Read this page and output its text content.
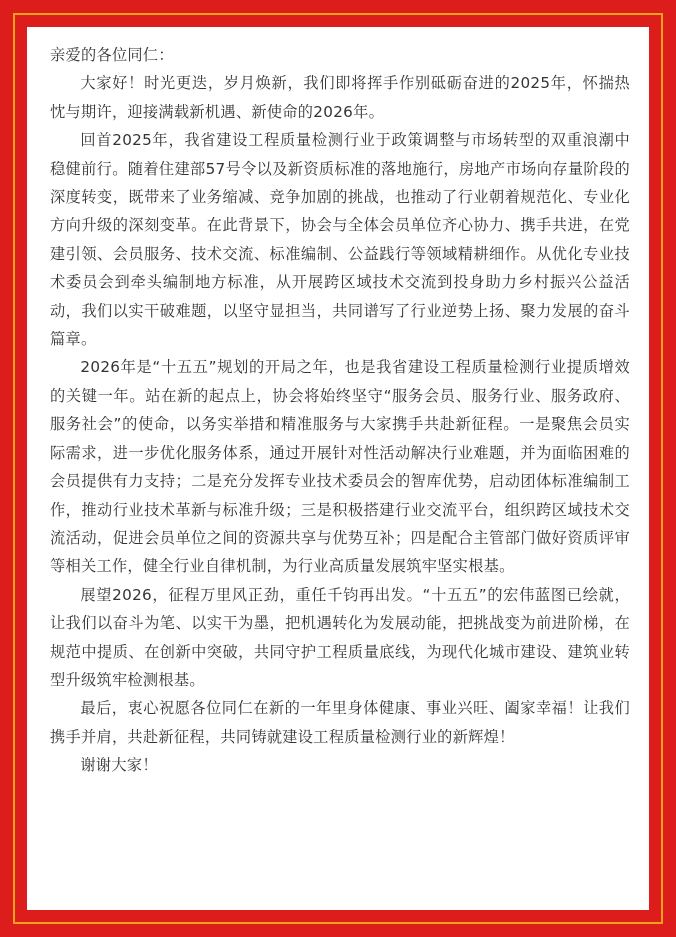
亲爱的各位同仁：

大家好！时光更迭，岁月焕新，我们即将挥手作别砥砺奋进的2025年，怀揣热忱与期许，迎接满载新机遇、新使命的2026年。

回首2025年，我省建设工程质量检测行业于政策调整与市场转型的双重浪潮中稳健前行。随着住建部57号令以及新资质标准的落地施行，房地产市场向存量阶段的深度转变，既带来了业务缩减、竞争加剧的挑战，也推动了行业朝着规范化、专业化方向升级的深刻变革。在此背景下，协会与全体会员单位齐心协力、携手共进，在党建引领、会员服务、技术交流、标准编制、公益践行等领域精耕细作。从优化专业技术委员会到牵头编制地方标准，从开展跨区域技术交流到投身助力乡村振兴公益活动，我们以实干破难题，以坚守显担当，共同谱写了行业逆势上扬、聚力发展的奋斗篇章。

2026年是“十五五”规划的开局之年，也是我省建设工程质量检测行业提质增效的关键一年。站在新的起点上，协会将始终坚守“服务会员、服务行业、服务政府、服务社会”的使命，以务实举措和精准服务与大家携手共赴新征程。一是聚焦会员实际需求，进一步优化服务体系，通过开展针对性活动解决行业难题，并为面临困难的会员提供有力支持；二是充分发挥专业技术委员会的智库优势，启动团体标准编制工作，推动行业技术革新与标准升级；三是积极搭建行业交流平台，组织跨区域技术交流活动，促进会员单位之间的资源共享与优势互补；四是配合主管部门做好资质评审等相关工作，健全行业自律机制，为行业高质量发展筑牢坚实根基。

展望2026，征程万里风正劲，重任千钧再出发。“十五五”的宏伟蓝图已绘就，让我们以奋斗为笔、以实干为墨，把机遇转化为发展动能，把挑战变为前进阶梯，在规范中提质、在创新中突破，共同守护工程质量底线，为现代化城市建设、建筑业转型升级筑牢检测根基。

最后，衷心祝愿各位同仁在新的一年里身体健康、事业兴旺、阖家幸福！让我们携手并肩，共赴新征程，共同铸就建设工程质量检测行业的新辉煌！

谢谢大家！
